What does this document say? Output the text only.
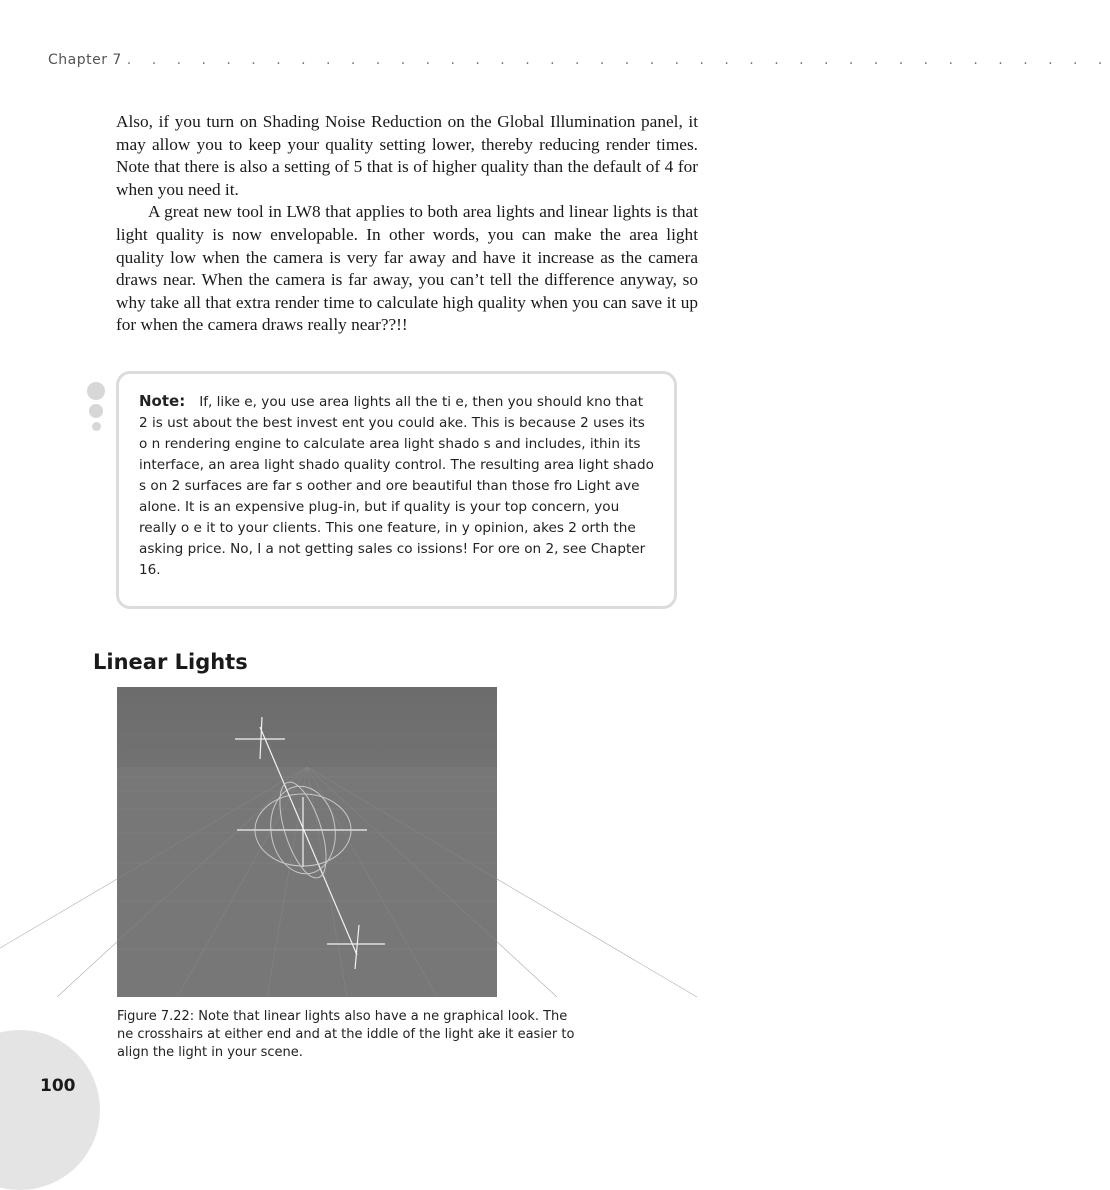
Chapter 7 . . . . . . . . . . . . . . . . . . . . . . . . . . . . . . . . . . . . . . . .

Also, if you turn on Shading Noise Reduction on the Global Illumination panel, it may allow you to keep your quality setting lower, thereby reducing render times. Note that there is also a setting of 5 that is of higher quality than the default of 4 for when you need it.

A great new tool in LW8 that applies to both area lights and linear lights is that light quality is now envelopable. In other words, you can make the area light quality low when the camera is very far away and have it increase as the camera draws near. When the camera is far away, you can’t tell the difference anyway, so why take all that extra render time to calculate high quality when you can save it up for when the camera draws really near??!!

Note: If, like e, you use area lights all the ti e, then you should kno that 2 is ust about the best invest ent you could ake. This is because 2 uses its o n rendering engine to calculate area light shado s and includes, ithin its interface, an area light shado quality control. The resulting area light shado s on 2 surfaces are far s oother and ore beautiful than those fro Light ave alone. It is an expensive plug-in, but if quality is your top concern, you really o e it to your clients. This one feature, in y opinion, akes 2 orth the asking price. No, I a not getting sales co issions! For ore on 2, see Chapter 16.
Linear Lights

Figure 7.22: Note that linear lights also have a ne graphical look. The ne crosshairs at either end and at the iddle of the light ake it easier to align the light in your scene.

100
